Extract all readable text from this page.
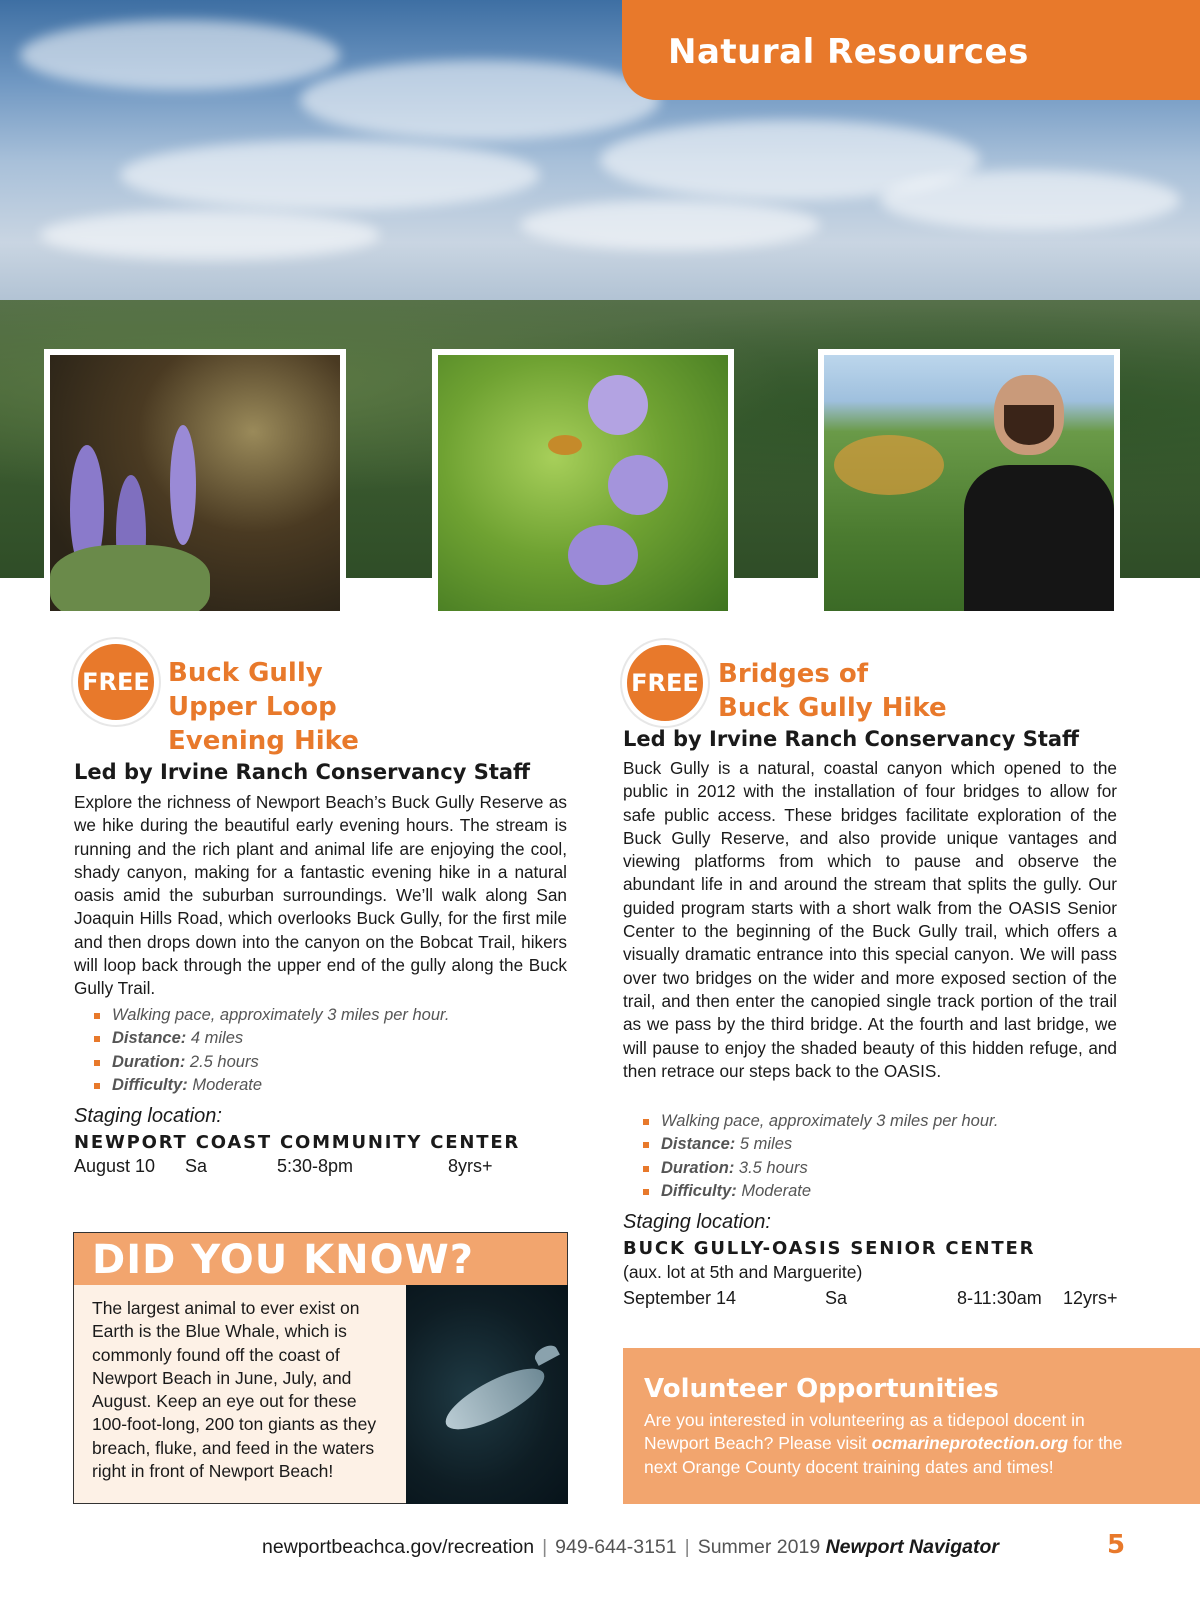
Natural Resources
FREE Buck Gully
Upper Loop
Evening Hike
Led by Irvine Ranch Conservancy Staff
Explore the richness of Newport Beach’s Buck Gully Reserve as we hike during the beautiful early evening hours. The stream is running and the rich plant and animal life are enjoying the cool, shady canyon, making for a fantastic evening hike in a natural oasis amid the suburban surroundings. We’ll walk along San Joaquin Hills Road, which overlooks Buck Gully, for the first mile and then drops down into the canyon on the Bobcat Trail, hikers will loop back through the upper end of the gully along the Buck Gully Trail.
Walking pace, approximately 3 miles per hour.
Distance: 4 miles
Duration: 2.5 hours
Difficulty: Moderate
Staging location:
NEWPORT COAST COMMUNITY CENTER
August 10 Sa	5:30-8pm	8yrs+
FREE Bridges of
Buck Gully Hike
Led by Irvine Ranch Conservancy Staff
Buck Gully is a natural, coastal canyon which opened to the public in 2012 with the installation of four bridges to allow for safe public access. These bridges facilitate exploration of the Buck Gully Reserve, and also provide unique vantages and viewing platforms from which to pause and observe the abundant life in and around the stream that splits the gully. Our guided program starts with a short walk from the OASIS Senior Center to the beginning of the Buck Gully trail, which offers a visually dramatic entrance into this special canyon. We will pass over two bridges on the wider and more exposed section of the trail, and then enter the canopied single track portion of the trail as we pass by the third bridge. At the fourth and last bridge, we will pause to enjoy the shaded beauty of this hidden refuge, and then retrace our steps back to the OASIS.
Walking pace, approximately 3 miles per hour.
Distance: 5 miles
Duration: 3.5 hours
Difficulty: Moderate
Staging location:
BUCK GULLY-OASIS SENIOR CENTER
(aux. lot at 5th and Marguerite)
September 14	Sa	8-11:30am 12yrs+
DID YOU KNOW?
The largest animal to ever exist on Earth is the Blue Whale, which is commonly found off the coast of Newport Beach in June, July, and August. Keep an eye out for these 100-foot-long, 200 ton giants as they breach, fluke, and feed in the waters right in front of Newport Beach!
Volunteer Opportunities
Are you interested in volunteering as a tidepool docent in Newport Beach? Please visit ocmarineprotection.org for the next Orange County docent training dates and times!
newportbeachca.gov/recreation | 949-644-3151 | Summer 2019 Newport Navigator	5
